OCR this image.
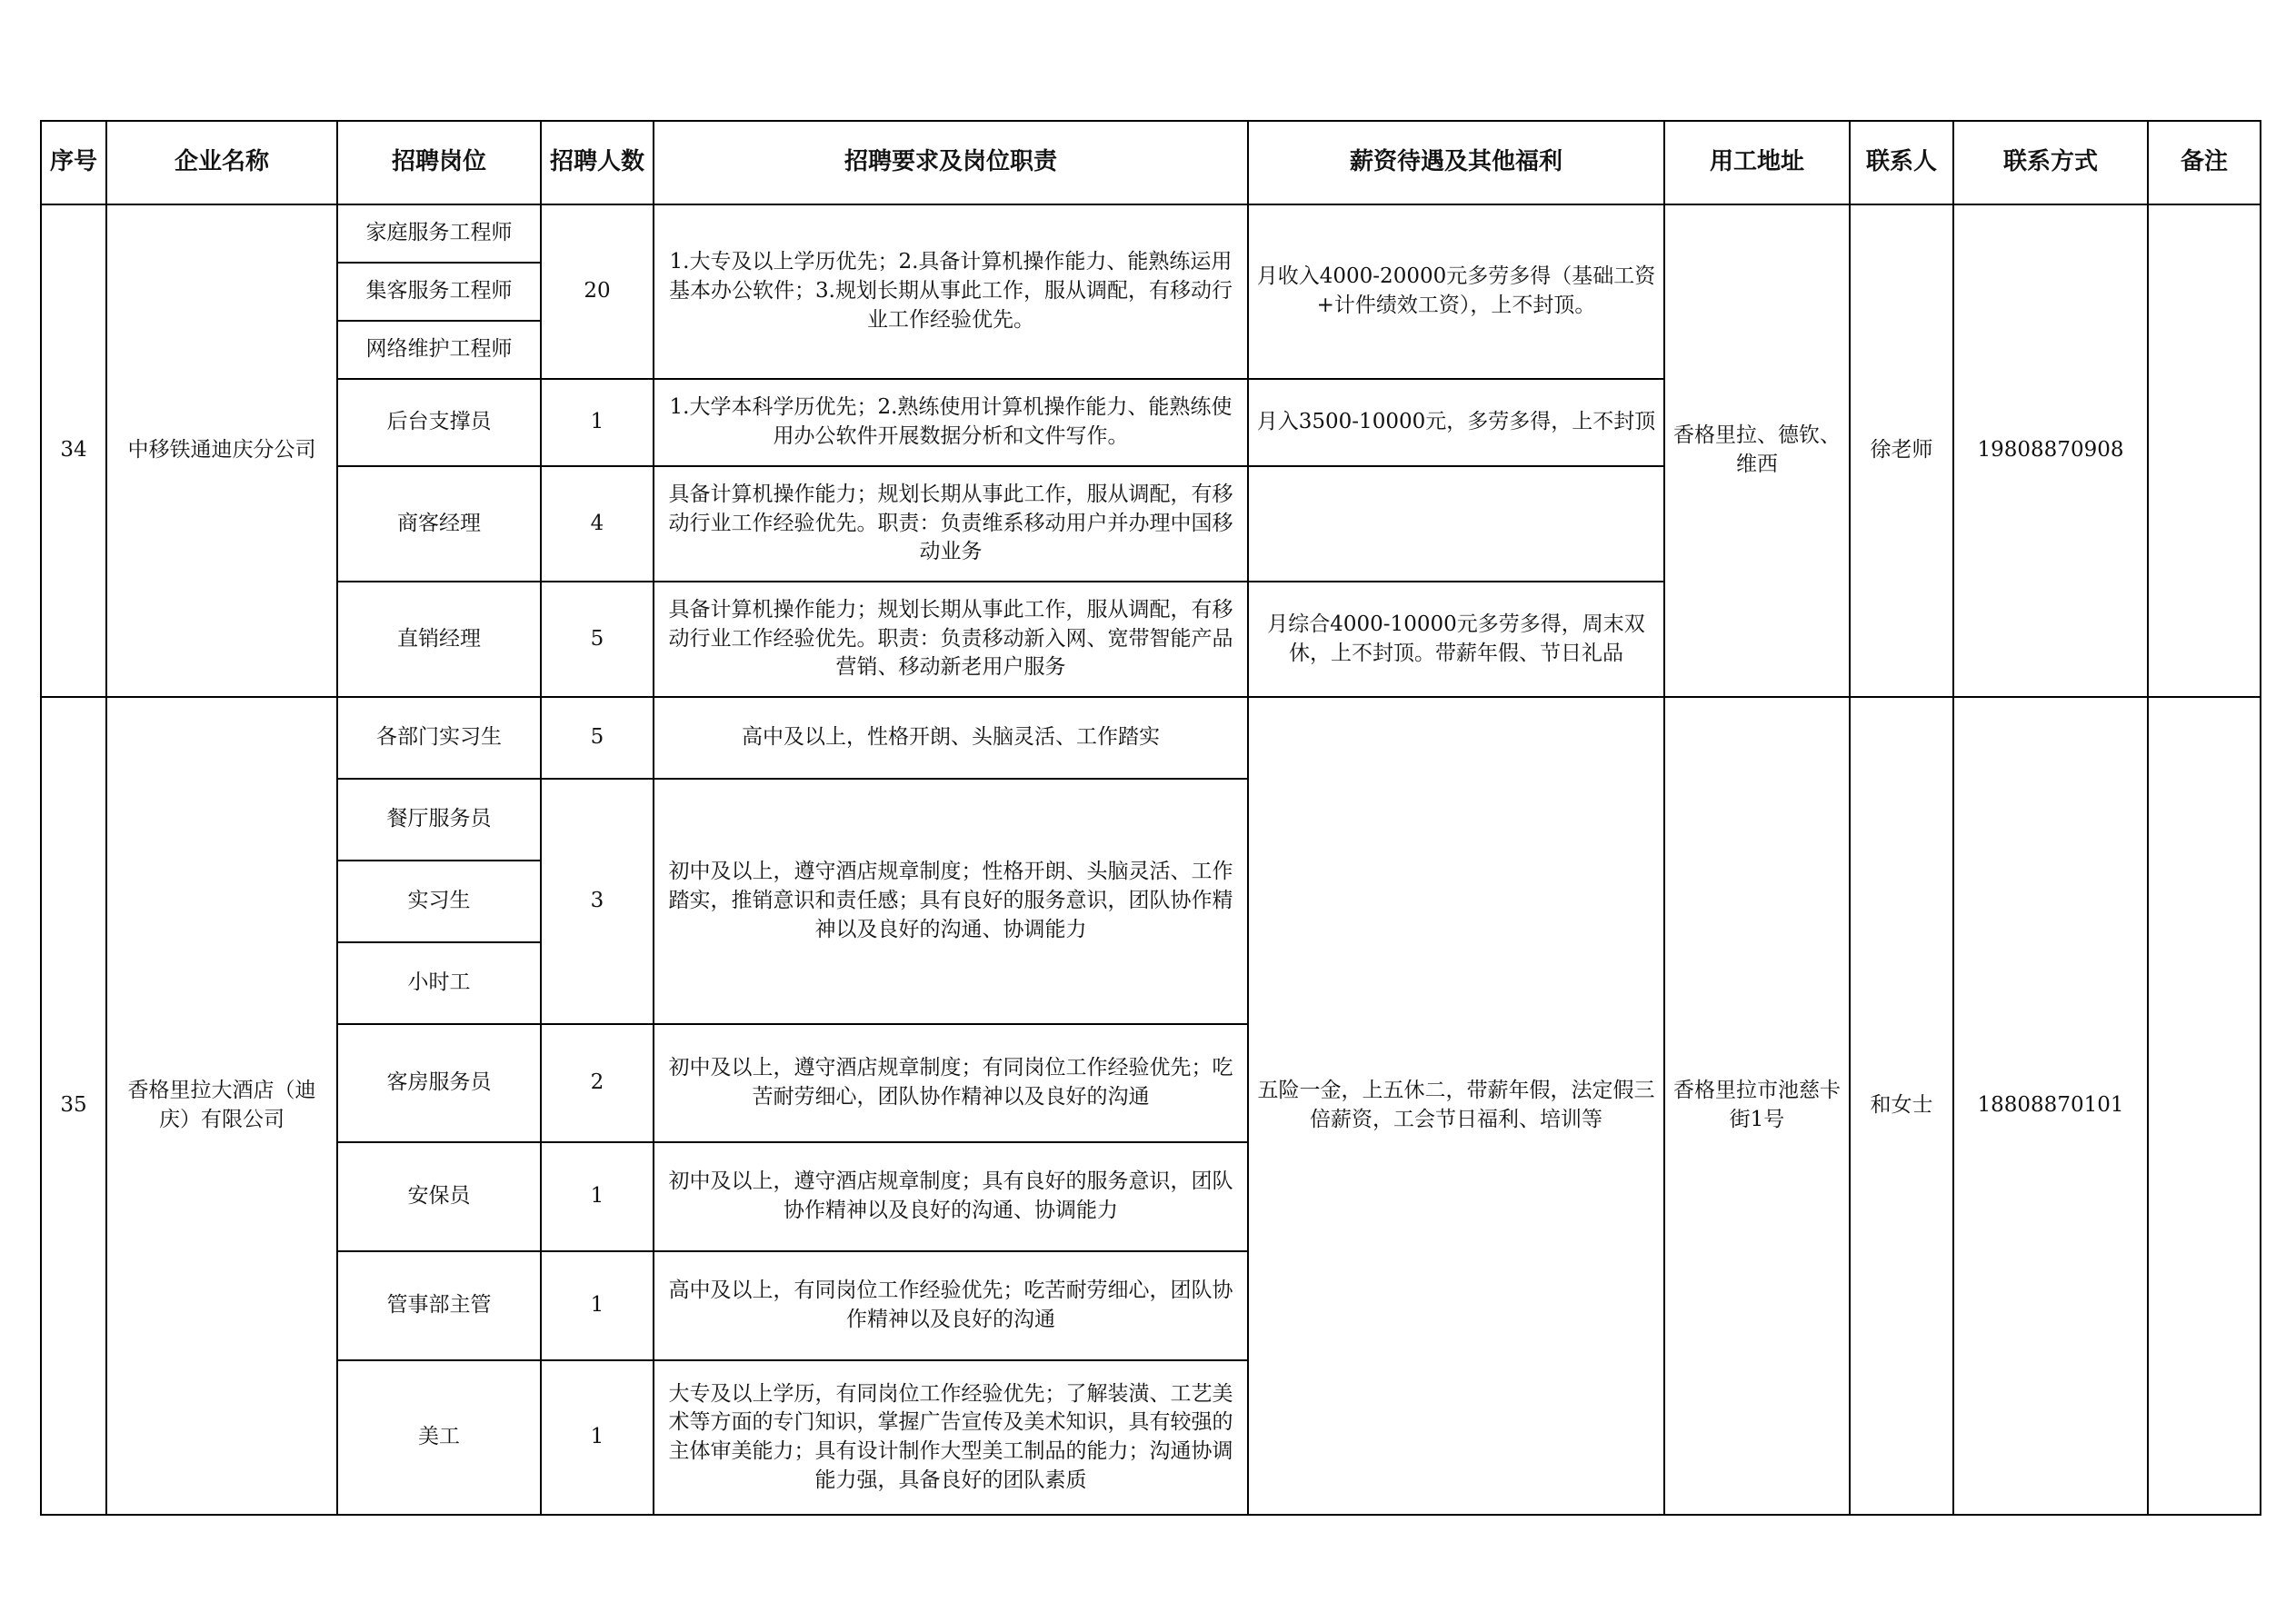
序号	企业名称	招聘岗位	招聘人数	招聘要求及岗位职责	薪资待遇及其他福利	用工地址	联系人	联系方式	备注
34	中移铁通迪庆分公司	家庭服务工程师	20	1.大专及以上学历优先；2.具备计算机操作能力、能熟练运用基本办公软件；3.规划长期从事此工作，服从调配，有移动行业工作经验优先。	月收入4000-20000元多劳多得（基础工资+计件绩效工资），上不封顶。	香格里拉、德钦、维西	徐老师	19808870908	
		集客服务工程师							
		网络维护工程师							
		后台支撑员	1	1.大学本科学历优先；2.熟练使用计算机操作能力、能熟练使用办公软件开展数据分析和文件写作。	月入3500-10000元，多劳多得，上不封顶				
		商客经理	4	具备计算机操作能力；规划长期从事此工作，服从调配，有移动行业工作经验优先。职责：负责维系移动用户并办理中国移动业务					
		直销经理	5	具备计算机操作能力；规划长期从事此工作，服从调配，有移动行业工作经验优先。职责：负责移动新入网、宽带智能产品营销、移动新老用户服务	月综合4000-10000元多劳多得，周末双休，上不封顶。带薪年假、节日礼品				
35	香格里拉大酒店（迪庆）有限公司	各部门实习生	5	高中及以上，性格开朗、头脑灵活、工作踏实	五险一金，上五休二，带薪年假，法定假三倍薪资，工会节日福利、培训等	香格里拉市池慈卡街1号	和女士	18808870101	
		餐厅服务员	3	初中及以上，遵守酒店规章制度；性格开朗、头脑灵活、工作踏实，推销意识和责任感；具有良好的服务意识，团队协作精神以及良好的沟通、协调能力					
		实习生							
		小时工							
		客房服务员	2	初中及以上，遵守酒店规章制度；有同岗位工作经验优先；吃苦耐劳细心，团队协作精神以及良好的沟通					
		安保员	1	初中及以上，遵守酒店规章制度；具有良好的服务意识，团队协作精神以及良好的沟通、协调能力					
		管事部主管	1	高中及以上，有同岗位工作经验优先；吃苦耐劳细心，团队协作精神以及良好的沟通					
		美工	1	大专及以上学历，有同岗位工作经验优先；了解装潢、工艺美术等方面的专门知识，掌握广告宣传及美术知识，具有较强的主体审美能力；具有设计制作大型美工制品的能力；沟通协调能力强，具备良好的团队素质					
